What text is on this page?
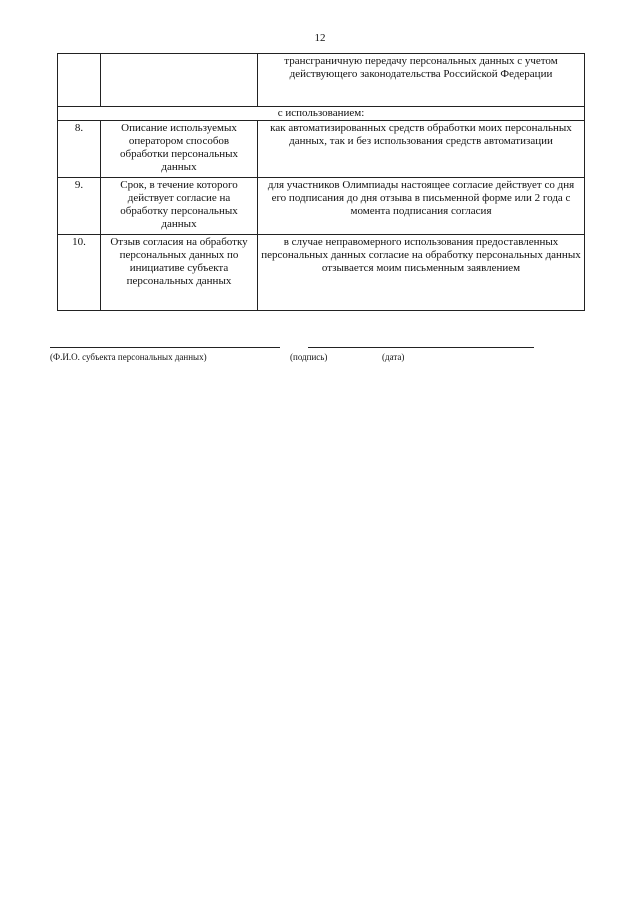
12
		трансграничную передачу персональных данных с учетом действующего законодательства Российской Федерации
с использованием:		
8.	Описание используемых оператором способов обработки персональных данных	как автоматизированных средств обработки моих персональных данных, так и без использования средств автоматизации
9.	Срок, в течение которого действует согласие на обработку персональных данных	для участников Олимпиады настоящее согласие действует со дня его подписания до дня отзыва в письменной форме или 2 года с момента подписания согласия
10.	Отзыв согласия на обработку персональных данных по инициативе субъекта персональных данных	в случае неправомерного использования предоставленных персональных данных согласие на обработку персональных данных отзывается моим письменным заявлением
(Ф.И.О. субъекта персональных данных)	(подпись)	(дата)
